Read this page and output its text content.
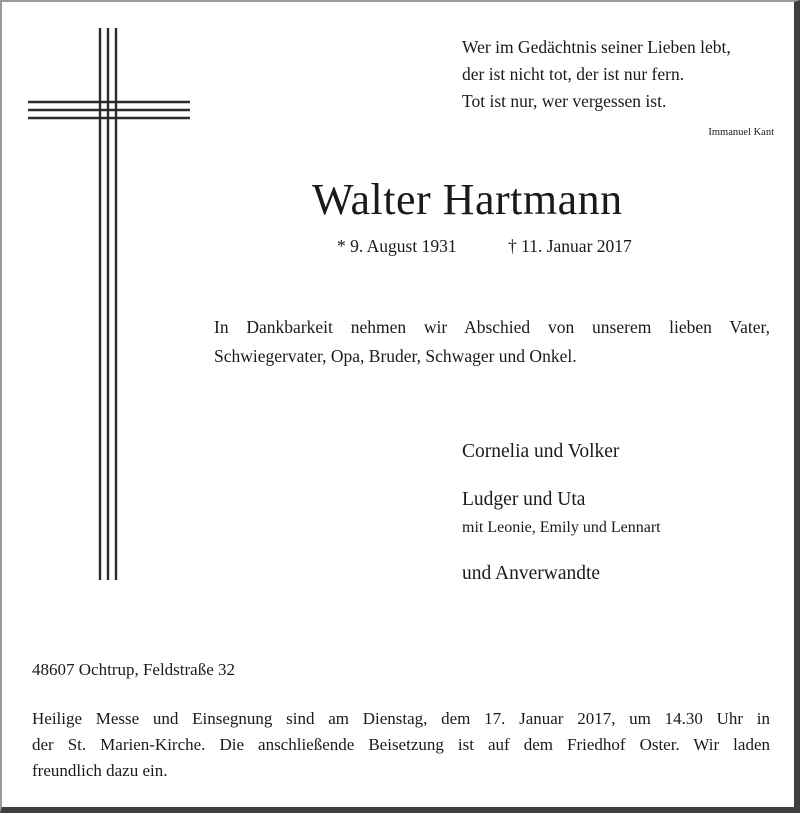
Wer im Gedächtnis seiner Lieben lebt,
der ist nicht tot, der ist nur fern.
Tot ist nur, wer vergessen ist.
Immanuel Kant
Walter Hartmann
* 9. August 1931	† 11. Januar 2017
In Dankbarkeit nehmen wir Abschied von unserem lieben Vater,
Schwiegervater, Opa, Bruder, Schwager und Onkel.
Cornelia und Volker
Ludger und Uta
mit Leonie, Emily und Lennart
und Anverwandte
48607 Ochtrup, Feldstraße 32
Heilige Messe und Einsegnung sind am Dienstag, dem 17. Januar 2017, um 14.30 Uhr in
der St. Marien-Kirche. Die anschließende Beisetzung ist auf dem Friedhof Oster. Wir laden
freundlich dazu ein.
